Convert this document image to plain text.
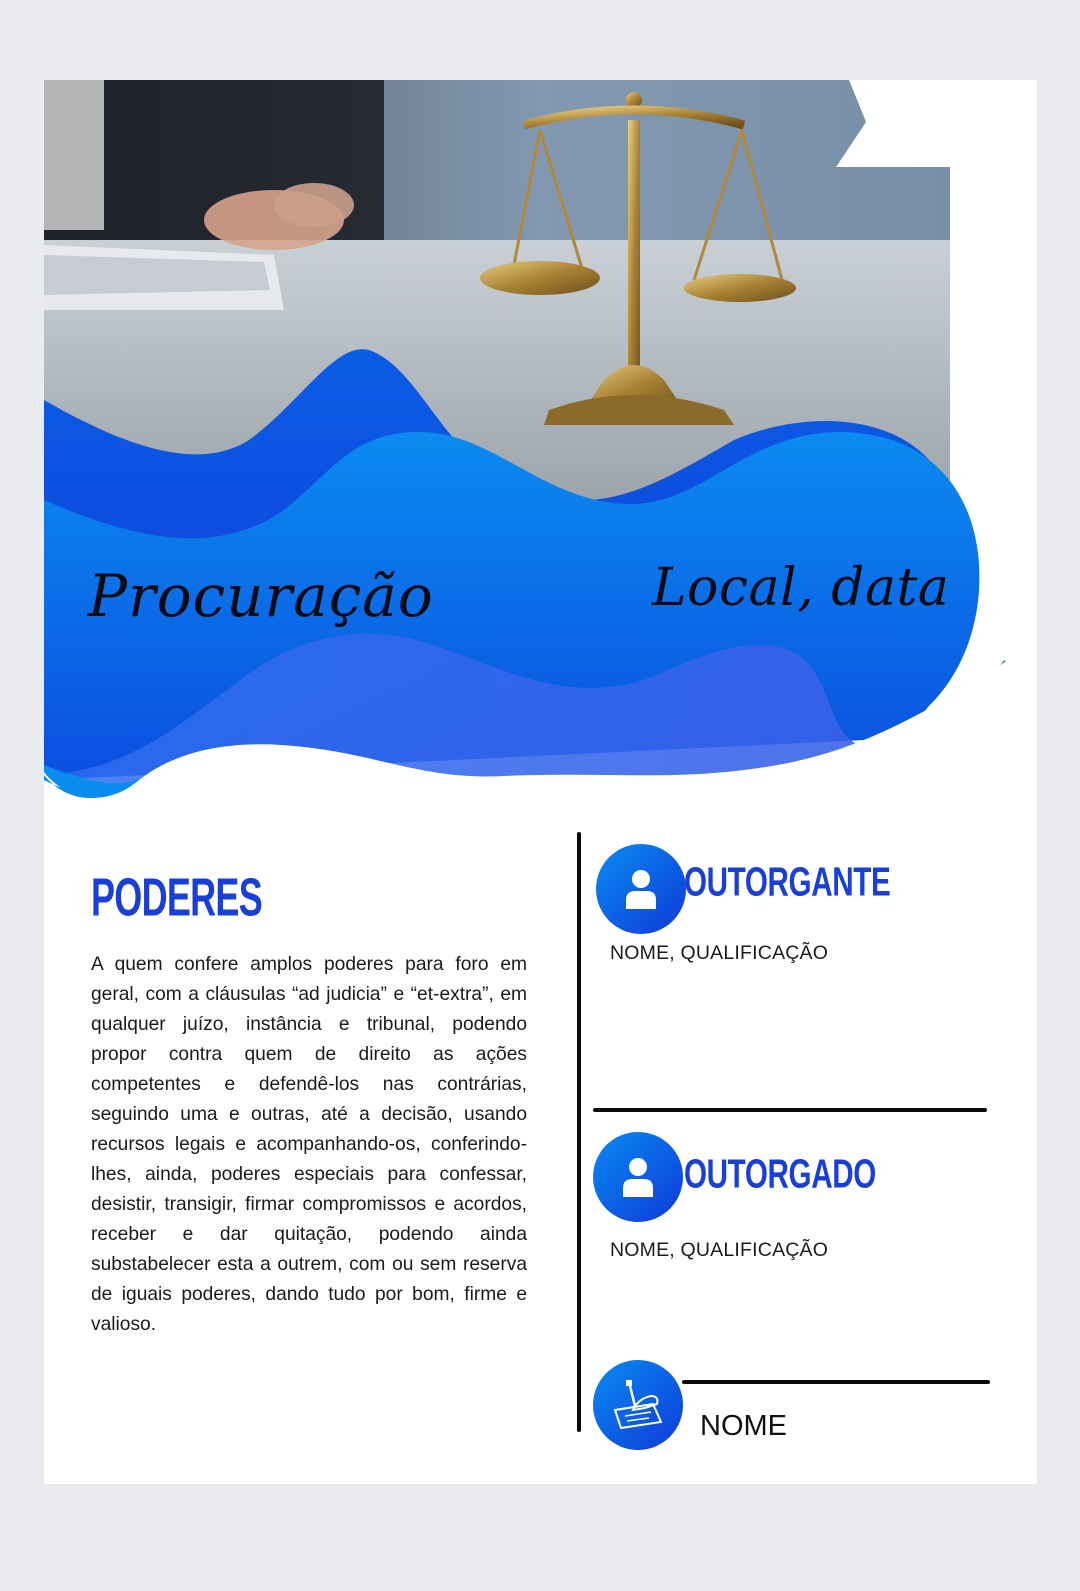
Procuração	Local, data
PODERES
A quem confere amplos poderes para foro em geral, com a cláusulas “ad judicia” e “et-extra”, em qualquer juízo, instância e tribunal, podendo propor contra quem de direito as ações competentes e defendê-los nas contrárias, seguindo uma e outras, até a decisão, usando recursos legais e acompanhando-os, conferindo-lhes, ainda, poderes especiais para confessar, desistir, transigir, firmar compromissos e acordos, receber e dar quitação, podendo ainda substabelecer esta a outrem, com ou sem reserva de iguais poderes, dando tudo por bom, firme e valioso.
OUTORGANTE
NOME, QUALIFICAÇÃO
OUTORGADO
NOME, QUALIFICAÇÃO
NOME
